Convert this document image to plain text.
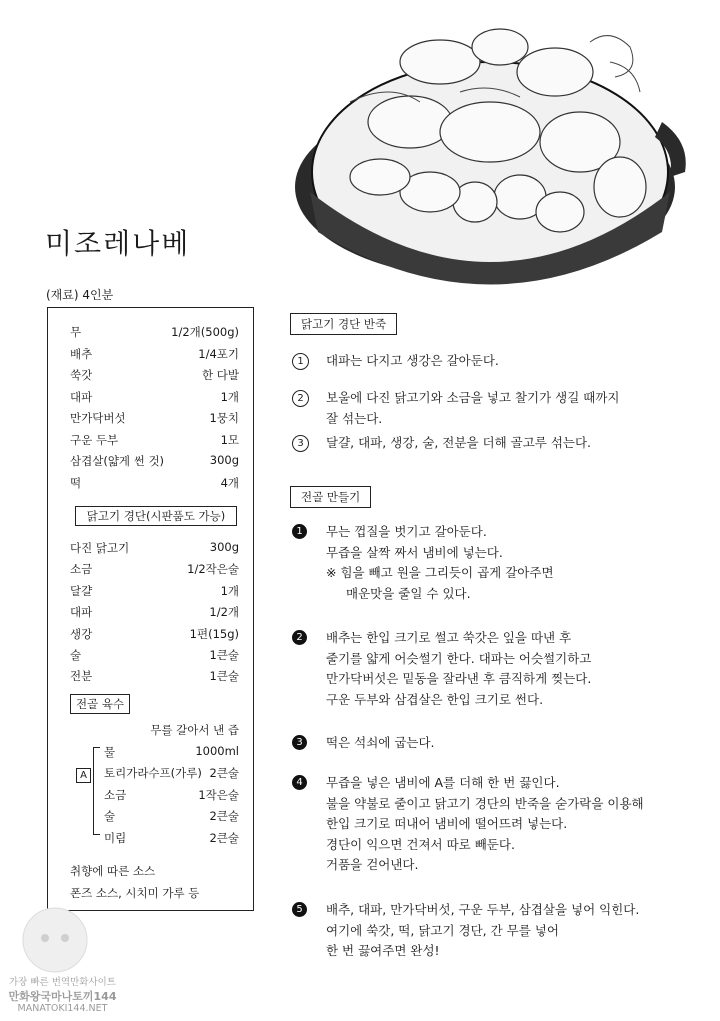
미조레나베
(재료) 4인분
무	1/2개(500g)
배추	1/4포기
쑥갓	한 다발
대파	1개
만가닥버섯	1뭉치
구운 두부	1모
삼겹살(얇게 썬 것)	300g
떡	4개
닭고기 경단(시판품도 가능)
다진 닭고기	300g
소금	1/2작은술
달걀	1개
대파	1/2개
생강	1편(15g)
술	1큰술
전분	1큰술
전골 육수
무를 갈아서 낸 즙
A
물	1000ml
토리가라수프(가루) 2큰술
소금	1작은술
술	2큰술
미림	2큰술
취향에 따른 소스
폰즈 소스, 시치미 가루 등
닭고기 경단 반죽
1	대파는 다지고 생강은 갈아둔다.
2	보울에 다진 닭고기와 소금을 넣고 찰기가 생길 때까지
잘 섞는다.
3	달걀, 대파, 생강, 술, 전분을 더해 골고루 섞는다.
전골 만들기
1	무는 껍질을 벗기고 갈아둔다.
무즙을 살짝 짜서 냄비에 넣는다.
※ 힘을 빼고 원을 그리듯이 곱게 갈아주면
매운맛을 줄일 수 있다.
2	배추는 한입 크기로 썰고 쑥갓은 잎을 따낸 후
줄기를 얇게 어슷썰기 한다. 대파는 어슷썰기하고
만가닥버섯은 밑동을 잘라낸 후 큼직하게 찢는다.
구운 두부와 삼겹살은 한입 크기로 썬다.
3	떡은 석쇠에 굽는다.
4	무즙을 넣은 냄비에 A를 더해 한 번 끓인다.
불을 약불로 줄이고 닭고기 경단의 반죽을 숟가락을 이용해
한입 크기로 떠내어 냄비에 떨어뜨려 넣는다.
경단이 익으면 건져서 따로 빼둔다.
거품을 걷어낸다.
5	배추, 대파, 만가닥버섯, 구운 두부, 삼겹살을 넣어 익힌다.
여기에 쑥갓, 떡, 닭고기 경단, 간 무를 넣어
한 번 끓여주면 완성!
가장 빠른 번역만화사이트
만화왕국마나토끼144
MANATOKI144.NET
